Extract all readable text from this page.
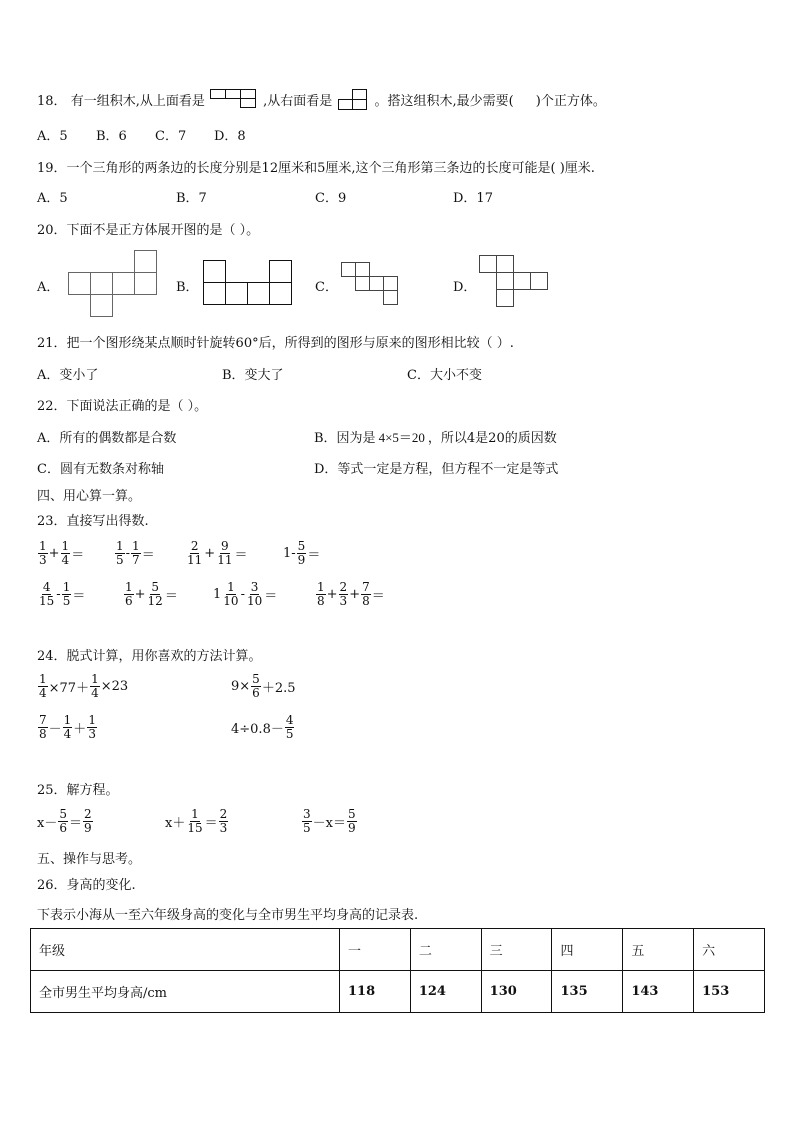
18． 有一组积木,从上面看是	,从右面看是	。搭这组积木,最少需要( )个正方体。
A．5 B．6 C．7 D．8
19．一个三角形的两条边的长度分别是12厘米和5厘米,这个三角形第三条边的长度可能是( )厘米.
A．5	B．7	C．9	D．17
20．下面不是正方体展开图的是（ ）。
A．	B．	C．	D．
21．把一个图形绕某点顺时针旋转60°后，所得到的图形与原来的图形相比较（ ）.
A．变小了	B．变大了	C．大小不变
22．下面说法正确的是（ ）。
A．所有的偶数都是合数	B．因为是 4×5＝20 ，所以4是20的质因数
C．圆有无数条对称轴	D．等式一定是方程，但方程不一定是等式
四、用心算一算。
23．直接写出得数.
$\frac{1}{3} + \frac{1}{4}$ ＝	$\frac{1}{5} - \frac{1}{7}$ ＝	$\frac{2}{11} + \frac{9}{11}$ ＝	$1- \frac{5}{9}$ ＝
$\frac{4}{15} - \frac{1}{5}$ ＝	$\frac{1}{6} + \frac{5}{12}$ ＝	$1 \frac{1}{10} - \frac{3}{10}$ ＝	$\frac{1}{8} + \frac{2}{3} + \frac{7}{8}$ ＝
24．脱式计算，用你喜欢的方法计算。
$\frac{1}{4} \times 77+ \frac{1}{4} \times 23$	$9\times \frac{5}{6} +2.5$
$\frac{7}{8} - \frac{1}{4} + \frac{1}{3}$	$4\div 0.8- \frac{4}{5}$
25．解方程。
$x- \frac{5}{6} = \frac{2}{9}$	$x+ \frac{1}{15} = \frac{2}{3}$	$\frac{3}{5} -x= \frac{5}{9}$
五、操作与思考。
26．身高的变化.
下表示小海从一至六年级身高的变化与全市男生平均身高的记录表.
年级	一	二	三	四	五	六
全市男生平均身高/cm	118	124	130	135	143	153
